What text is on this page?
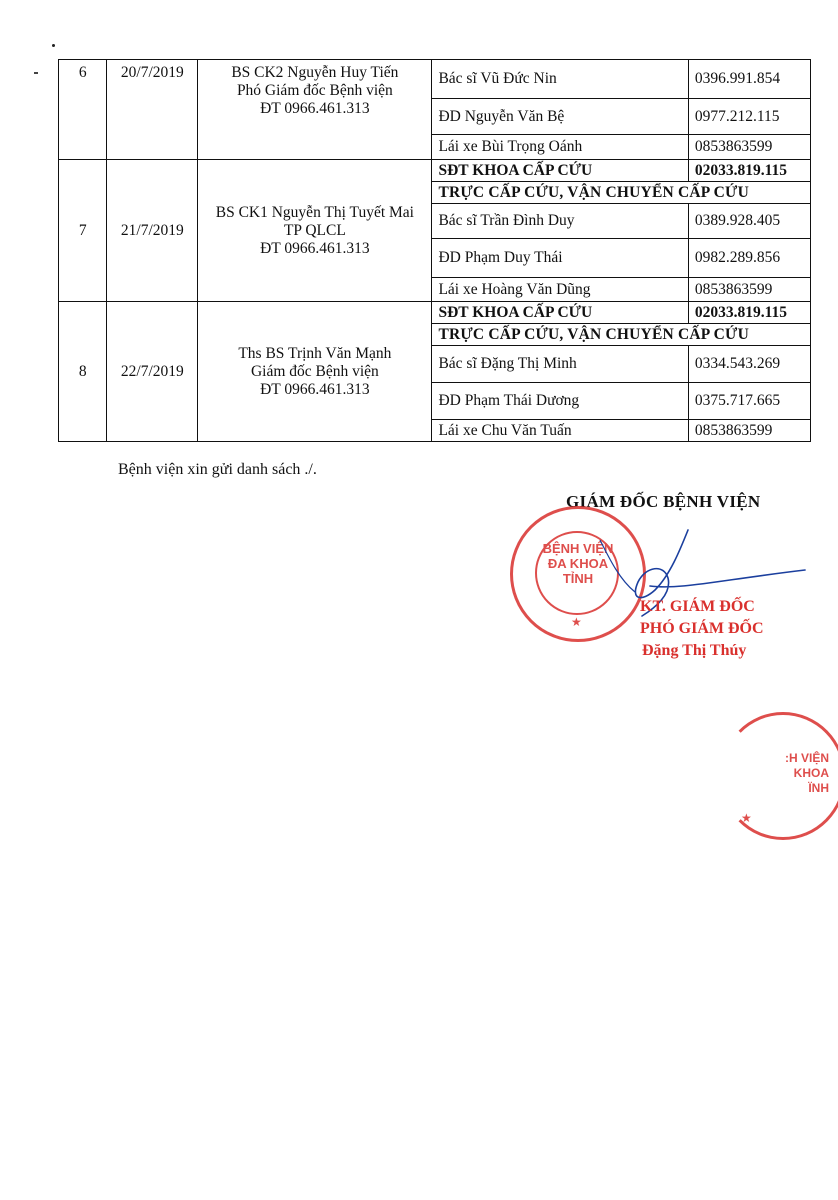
6	20/7/2019	BS CK2 Nguyễn Huy Tiến
Phó Giám đốc Bệnh viện
ĐT 0966.461.313	Bác sĩ Vũ Đức Nin	0396.991.854
			ĐD Nguyễn Văn Bệ	0977.212.115
			Lái xe Bùi Trọng Oánh	0853863599
7	21/7/2019	BS CK1 Nguyễn Thị Tuyết Mai
TP QLCL
ĐT 0966.461.313	SĐT KHOA CẤP CỨU	02033.819.115
			TRỰC CẤP CỨU, VẬN CHUYỂN CẤP CỨU	
			Bác sĩ Trần Đình Duy	0389.928.405
			ĐD Phạm Duy Thái	0982.289.856
			Lái xe Hoàng Văn Dũng	0853863599
8	22/7/2019	Ths BS Trịnh Văn Mạnh
Giám đốc Bệnh viện
ĐT 0966.461.313	SĐT KHOA CẤP CỨU	02033.819.115
			TRỰC CẤP CỨU, VẬN CHUYỂN CẤP CỨU	
			Bác sĩ Đặng Thị Minh	0334.543.269
			ĐD Phạm Thái Dương	0375.717.665
			Lái xe Chu Văn Tuấn	0853863599
Bệnh viện xin gửi danh sách ./.
GIÁM ĐỐC BỆNH VIỆN
BỆNH VIỆN
ĐA KHOA
TỈNH
★
KT. GIÁM ĐỐC
PHÓ GIÁM ĐỐC
Đặng Thị Thúy
:H VIỆN
KHOA
ΪNH
★
